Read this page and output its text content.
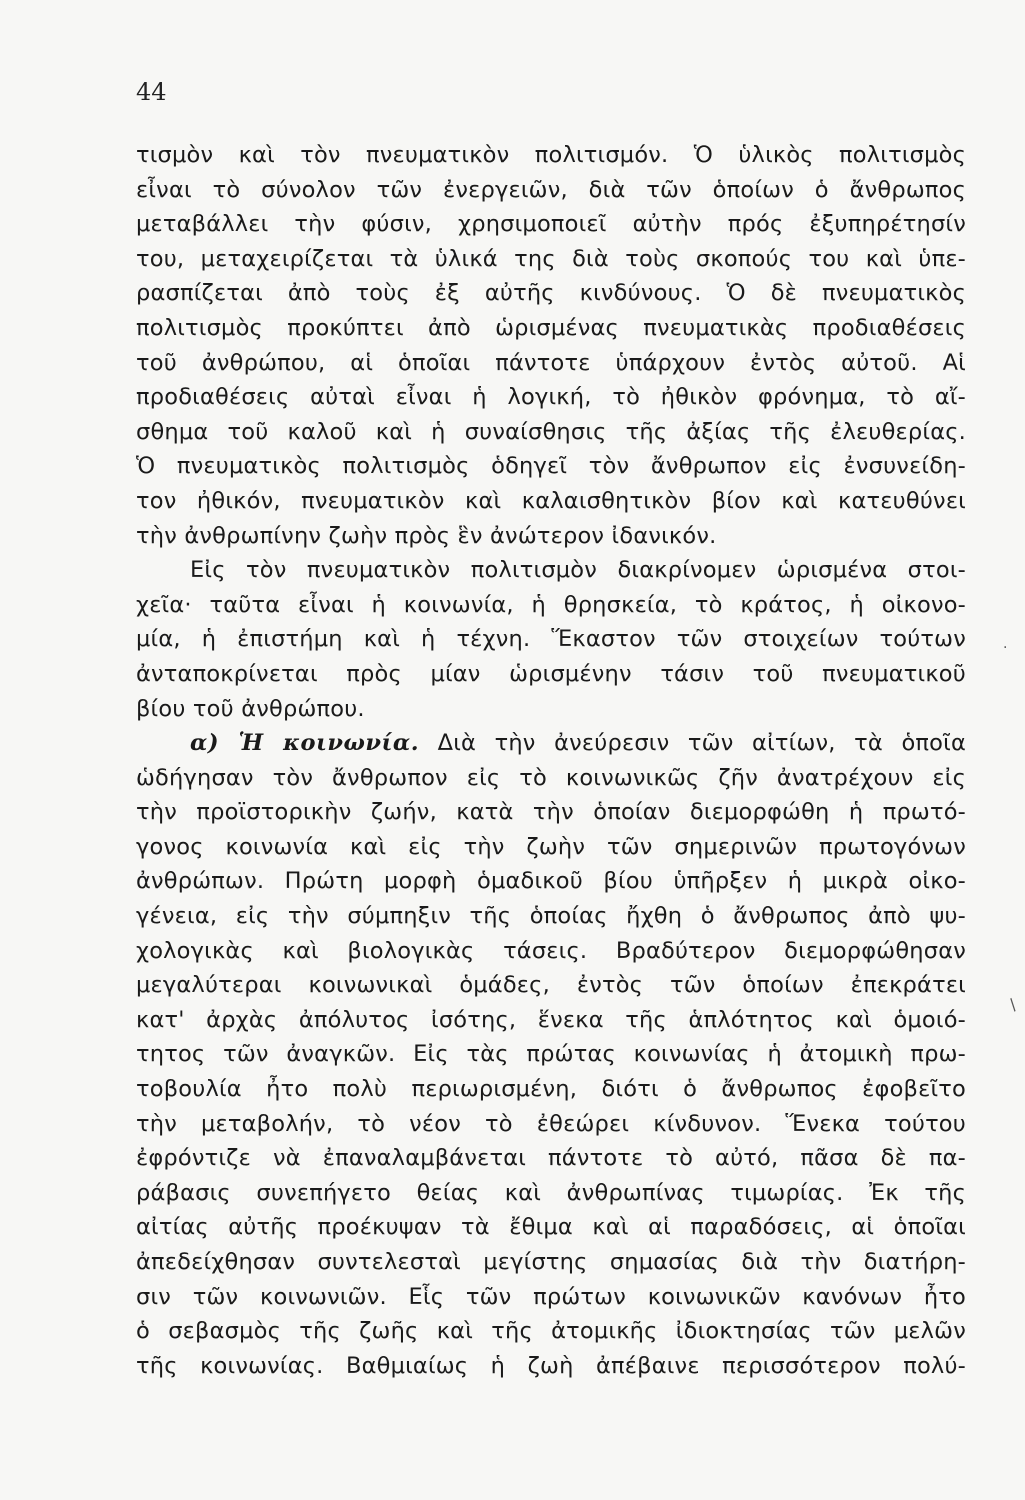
44
τισμὸν καὶ τὸν πνευματικὸν πολιτισμόν. Ὁ ὑλικὸς πολιτισμὸς
εἶναι τὸ σύνολον τῶν ἐνεργειῶν, διὰ τῶν ὁποίων ὁ ἄνθρωπος
μεταβάλλει τὴν φύσιν, χρησιμοποιεῖ αὐτὴν πρός ἐξυπηρέτησίν
του, μεταχειρίζεται τὰ ὑλικά της διὰ τοὺς σκοπούς του καὶ ὑπε-
ρασπίζεται ἀπὸ τοὺς ἐξ αὐτῆς κινδύνους. Ὁ δὲ πνευματικὸς
πολιτισμὸς προκύπτει ἀπὸ ὡρισμένας πνευματικὰς προδιαθέσεις
τοῦ ἀνθρώπου, αἱ ὁποῖαι πάντοτε ὑπάρχουν ἐντὸς αὐτοῦ. Αἱ
προδιαθέσεις αὐταὶ εἶναι ἡ λογική, τὸ ἠθικὸν φρόνημα, τὸ αἴ-
σθημα τοῦ καλοῦ καὶ ἡ συναίσθησις τῆς ἀξίας τῆς ἐλευθερίας.
Ὁ πνευματικὸς πολιτισμὸς ὁδηγεῖ τὸν ἄνθρωπον εἰς ἐνσυνείδη-
τον ἠθικόν, πνευματικὸν καὶ καλαισθητικὸν βίον καὶ κατευθύνει
τὴν ἀνθρωπίνην ζωὴν πρὸς ἓν ἀνώτερον ἰδανικόν.
Εἰς τὸν πνευματικὸν πολιτισμὸν διακρίνομεν ὡρισμένα στοι-
χεῖα· ταῦτα εἶναι ἡ κοινωνία, ἡ θρησκεία, τὸ κράτος, ἡ οἰκονο-
μία, ἡ ἐπιστήμη καὶ ἡ τέχνη. Ἕκαστον τῶν στοιχείων τούτων
ἀνταποκρίνεται πρὸς μίαν ὡρισμένην τάσιν τοῦ πνευματικοῦ
βίου τοῦ ἀνθρώπου.
α) Ἡ κοινωνία. Διὰ τὴν ἀνεύρεσιν τῶν αἰτίων, τὰ ὁποῖα
ὡδήγησαν τὸν ἄνθρωπον εἰς τὸ κοινωνικῶς ζῆν ἀνατρέχουν εἰς
τὴν προϊστορικὴν ζωήν, κατὰ τὴν ὁποίαν διεμορφώθη ἡ πρωτό-
γονος κοινωνία καὶ εἰς τὴν ζωὴν τῶν σημερινῶν πρωτογόνων
ἀνθρώπων. Πρώτη μορφὴ ὁμαδικοῦ βίου ὑπῆρξεν ἡ μικρὰ οἰκο-
γένεια, εἰς τὴν σύμπηξιν τῆς ὁποίας ἤχθη ὁ ἄνθρωπος ἀπὸ ψυ-
χολογικὰς καὶ βιολογικὰς τάσεις. Βραδύτερον διεμορφώθησαν
μεγαλύτεραι κοινωνικαὶ ὁμάδες, ἐντὸς τῶν ὁποίων ἐπεκράτει
κατ' ἀρχὰς ἀπόλυτος ἰσότης, ἕνεκα τῆς ἁπλότητος καὶ ὁμοιό-
τητος τῶν ἀναγκῶν. Εἰς τὰς πρώτας κοινωνίας ἡ ἀτομικὴ πρω-
τοβουλία ἦτο πολὺ περιωρισμένη, διότι ὁ ἄνθρωπος ἐφοβεῖτο
τὴν μεταβολήν, τὸ νέον τὸ ἐθεώρει κίνδυνον. Ἕνεκα τούτου
ἐφρόντιζε νὰ ἐπαναλαμβάνεται πάντοτε τὸ αὐτό, πᾶσα δὲ πα-
ράβασις συνεπήγετο θείας καὶ ἀνθρωπίνας τιμωρίας. Ἐκ τῆς
αἰτίας αὐτῆς προέκυψαν τὰ ἔθιμα καὶ αἱ παραδόσεις, αἱ ὁποῖαι
ἀπεδείχθησαν συντελεσταὶ μεγίστης σημασίας διὰ τὴν διατήρη-
σιν τῶν κοινωνιῶν. Εἷς τῶν πρώτων κοινωνικῶν κανόνων ἦτο
ὁ σεβασμὸς τῆς ζωῆς καὶ τῆς ἀτομικῆς ἰδιοκτησίας τῶν μελῶν
τῆς κοινωνίας. Βαθμιαίως ἡ ζωὴ ἀπέβαινε περισσότερον πολύ-
·
/
